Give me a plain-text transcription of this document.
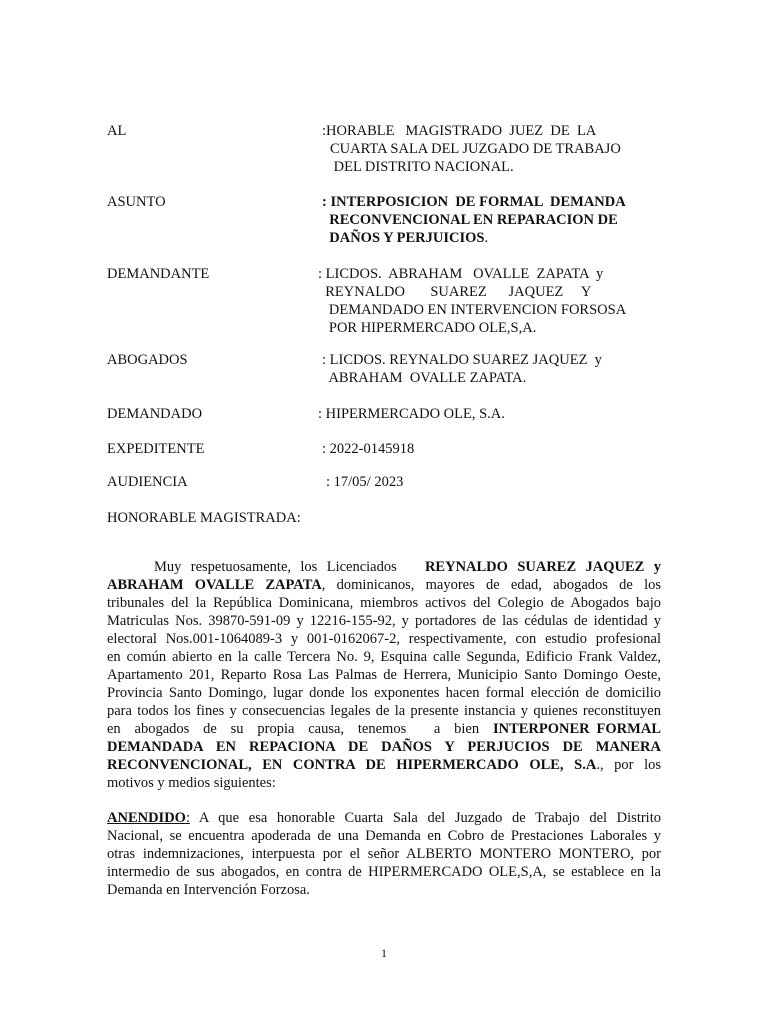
AL	:HORABLE   MAGISTRADO  JUEZ  DE  LA
CUARTA SALA DEL JUZGADO DE TRABAJO
DEL DISTRITO NACIONAL.
ASUNTO	: INTERPOSICION  DE FORMAL  DEMANDA
RECONVENCIONAL EN REPARACION DE
DAÑOS Y PERJUICIOS.
DEMANDANTE	: LICDOS.  ABRAHAM   OVALLE  ZAPATA  y
REYNALDO       SUAREZ      JAQUEZ     Y
DEMANDADO EN INTERVENCION FORSOSA
POR HIPERMERCADO OLE,S,A.
ABOGADOS	: LICDOS. REYNALDO SUAREZ JAQUEZ  y
ABRAHAM  OVALLE ZAPATA.
DEMANDADO	: HIPERMERCADO OLE, S.A.
EXPEDITENTE	: 2022-0145918
AUDIENCIA	: 17/05/ 2023
HONORABLE MAGISTRADA:
Muy respetuosamente, los Licenciados   REYNALDO SUAREZ JAQUEZ y
ABRAHAM OVALLE ZAPATA, dominicanos, mayores de edad, abogados de los
tribunales del la República Dominicana, miembros activos del Colegio de Abogados bajo
Matriculas Nos. 39870-591-09 y 12216-155-92, y portadores de las cédulas de identidad y
electoral Nos.001-1064089-3 y 001-0162067-2, respectivamente, con estudio profesional
en común abierto en la calle Tercera No. 9, Esquina calle Segunda, Edificio Frank Valdez,
Apartamento 201, Reparto Rosa Las Palmas de Herrera, Municipio Santo Domingo Oeste,
Provincia Santo Domingo, lugar donde los exponentes hacen formal elección de domicilio
para todos los fines y consecuencias legales de la presente instancia y quienes reconstituyen
en  abogados  de  su  propia  causa,  tenemos    a  bien  INTERPONER FORMAL
DEMANDADA EN REPACIONA DE DAÑOS Y PERJUCIOS DE MANERA
RECONVENCIONAL, EN CONTRA DE HIPERMERCADO OLE, S.A., por los
motivos y medios siguientes:
ANENDIDO: A que esa honorable Cuarta Sala del Juzgado de Trabajo del Distrito
Nacional, se encuentra apoderada de una Demanda en Cobro de Prestaciones Laborales y
otras indemnizaciones, interpuesta por el señor ALBERTO MONTERO MONTERO, por
intermedio de sus abogados, en contra de HIPERMERCADO OLE,S,A, se establece en la
Demanda en Intervención Forzosa.
1
